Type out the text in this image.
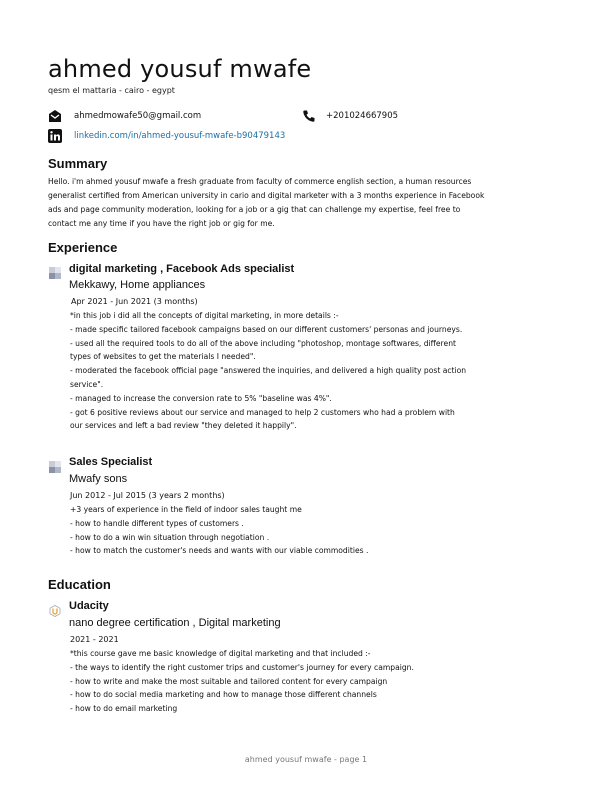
ahmed yousuf mwafe
qesm el mattaria - cairo - egypt
ahmedmowafe50@gmail.com	+201024667905
linkedin.com/in/ahmed-yousuf-mwafe-b90479143
Summary
Hello. i'm ahmed yousuf mwafe a fresh graduate from faculty of commerce english section, a human resources
generalist certified from American university in cario and digital marketer with a 3 months experience in Facebook
ads and page community moderation, looking for a job or a gig that can challenge my expertise, feel free to
contact me any time if you have the right job or gig for me.
Experience
digital marketing , Facebook Ads specialist
Mekkawy, Home appliances
Apr 2021 - Jun 2021 (3 months)
*in this job i did all the concepts of digital marketing, in more details :-
- made specific tailored facebook campaigns based on our different customers' personas and journeys.
- used all the required tools to do all of the above including "photoshop, montage softwares, different
types of websites to get the materials I needed".
- moderated the facebook official page "answered the inquiries, and delivered a high quality post action
service".
- managed to increase the conversion rate to 5% "baseline was 4%".
- got 6 positive reviews about our service and managed to help 2 customers who had a problem with
our services and left a bad review "they deleted it happily".
Sales Specialist
Mwafy sons
Jun 2012 - Jul 2015 (3 years 2 months)
+3 years of experience in the field of indoor sales taught me
- how to handle different types of customers .
- how to do a win win situation through negotiation .
- how to match the customer's needs and wants with our viable commodities .
Education
Udacity
nano degree certification , Digital marketing
2021 - 2021
*this course gave me basic knowledge of digital marketing and that included :-
- the ways to identify the right customer trips and customer's journey for every campaign.
- how to write and make the most suitable and tailored content for every campaign
- how to do social media marketing and how to manage those different channels
- how to do email marketing
ahmed yousuf mwafe - page 1
